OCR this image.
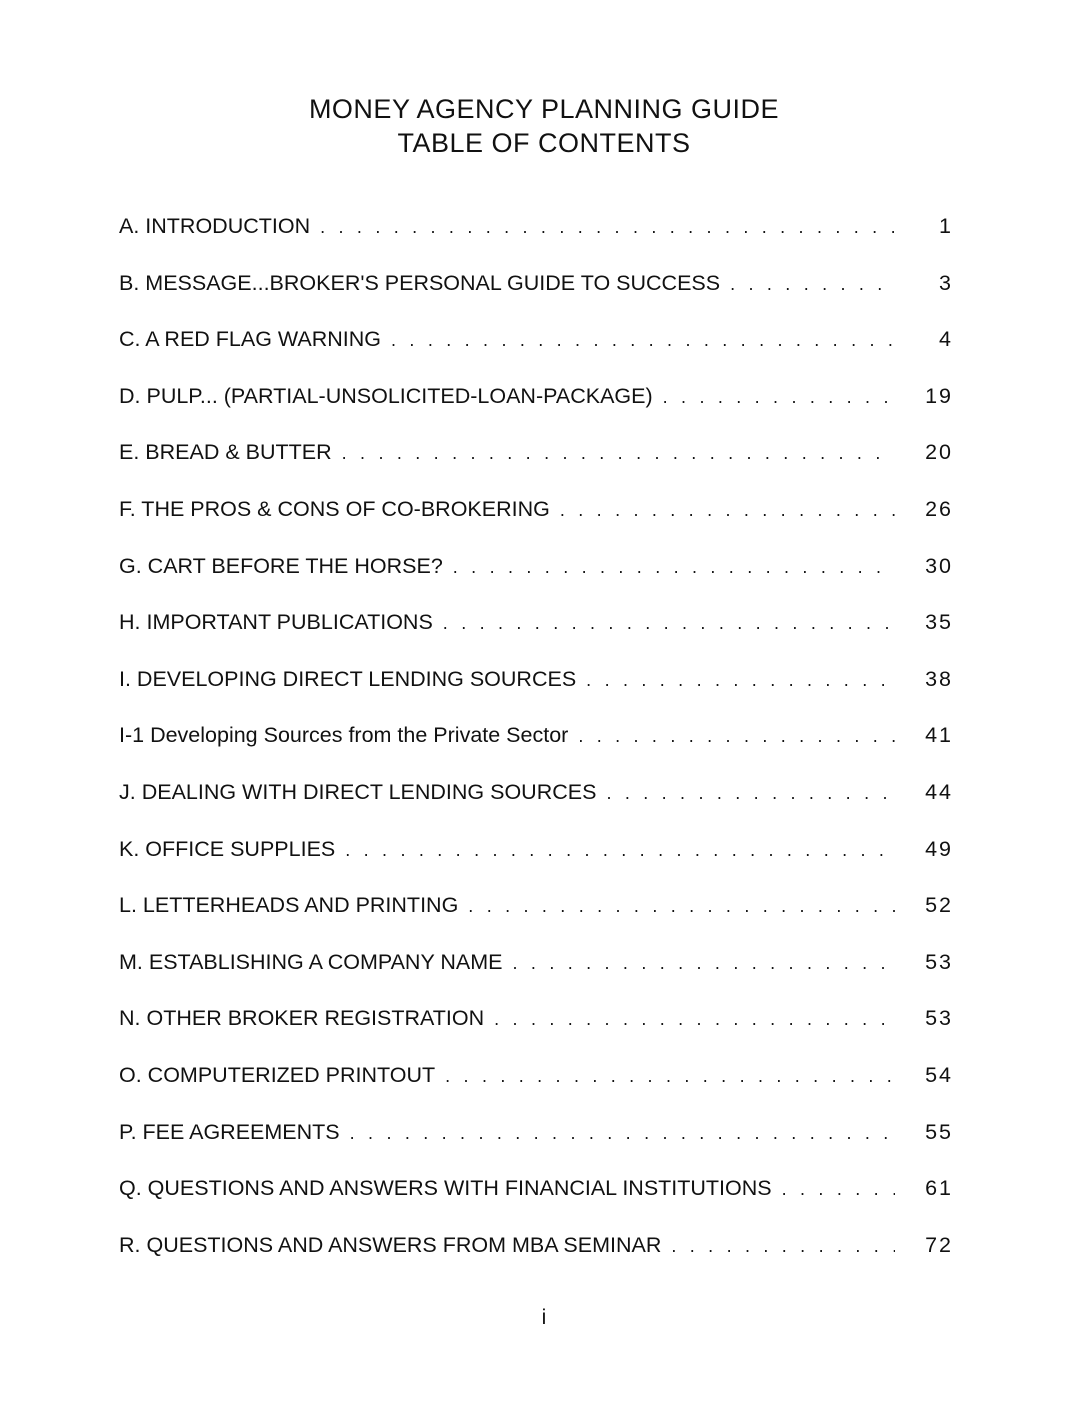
MONEY AGENCY PLANNING GUIDE
TABLE OF CONTENTS
A. INTRODUCTION . . .	1
B. MESSAGE...BROKER'S PERSONAL GUIDE TO SUCCESS . . .	3
C. A RED FLAG WARNING . . .	4
D. PULP... (PARTIAL-UNSOLICITED-LOAN-PACKAGE) . . .	19
E. BREAD & BUTTER . . .	20
F. THE PROS & CONS OF CO-BROKERING . . .	26
G. CART BEFORE THE HORSE? . . .	30
H. IMPORTANT PUBLICATIONS . . .	35
I. DEVELOPING DIRECT LENDING SOURCES . . .	38
I-1 Developing Sources from the Private Sector . . .	41
J. DEALING WITH DIRECT LENDING SOURCES . . .	44
K. OFFICE SUPPLIES . . .	49
L. LETTERHEADS AND PRINTING . . .	52
M. ESTABLISHING A COMPANY NAME . . .	53
N. OTHER BROKER REGISTRATION . . .	53
O. COMPUTERIZED PRINTOUT . . .	54
P. FEE AGREEMENTS . . .	55
Q. QUESTIONS AND ANSWERS WITH FINANCIAL INSTITUTIONS . . .	61
R. QUESTIONS AND ANSWERS FROM MBA SEMINAR . . .	72
i
